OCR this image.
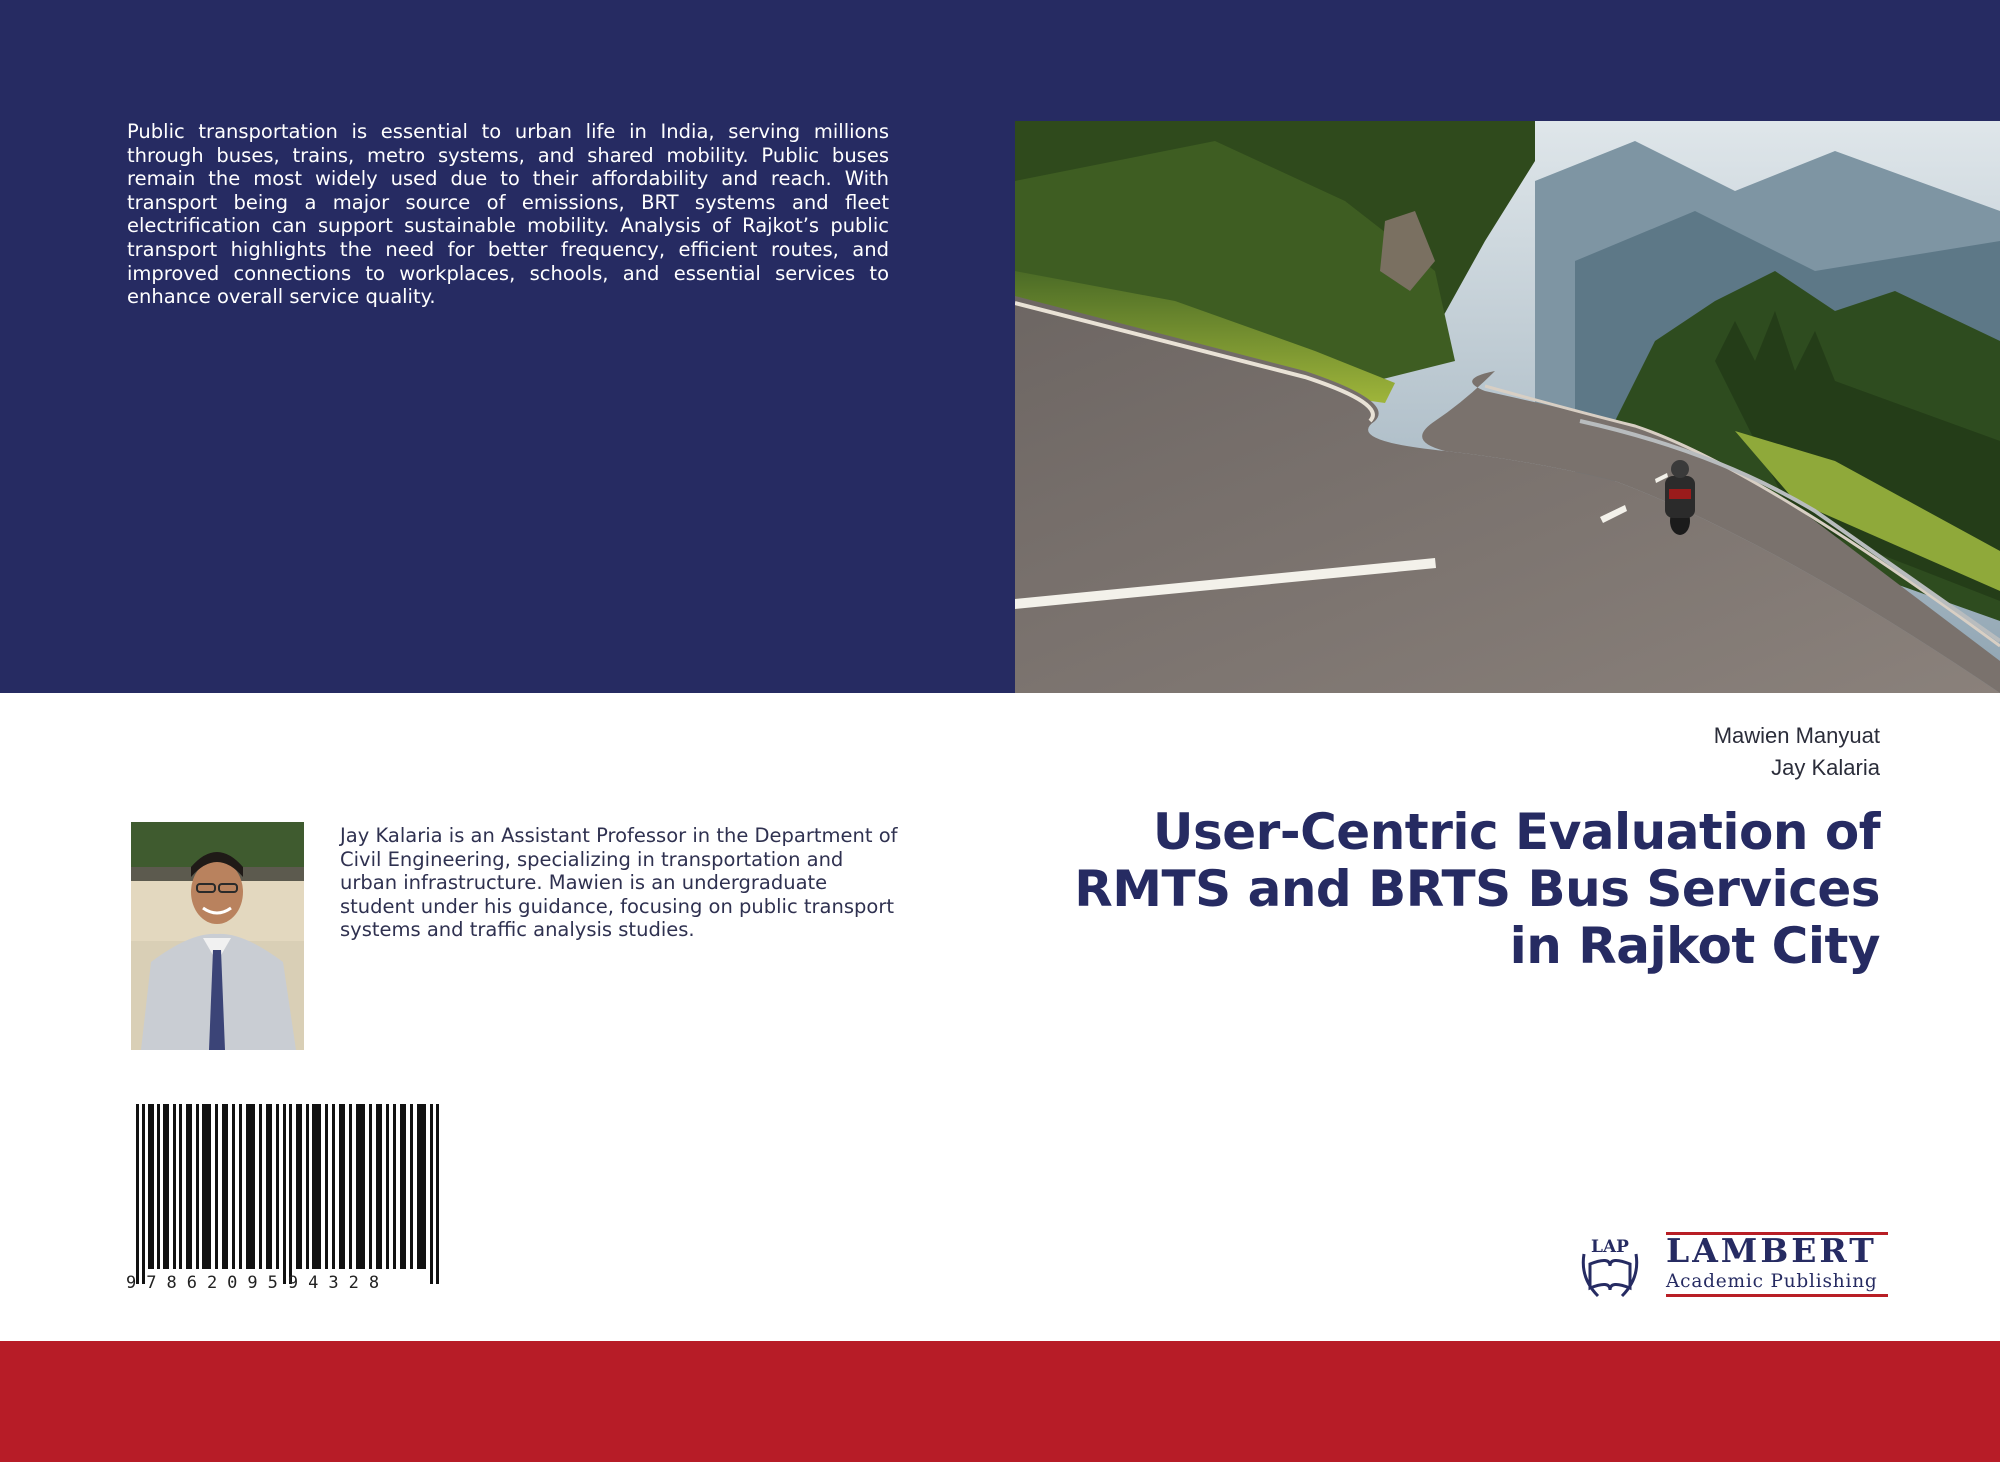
Public transportation is essential to urban life in India, serving millions through buses, trains, metro systems, and shared mobility. Public buses remain the most widely used due to their affordability and reach. With transport being a major source of emissions, BRT systems and fleet electrification can support sustainable mobility. Analysis of Rajkot’s public transport highlights the need for better frequency, efficient routes, and improved connections to workplaces, schools, and essential services to enhance overall service quality.

Mawien Manyuat
Jay Kalaria
User-Centric Evaluation of
RMTS and BRTS Bus Services
in Rajkot City

Jay Kalaria is an Assistant Professor in the Department of Civil Engineering, specializing in transportation and urban infrastructure. Mawien is an undergraduate student under his guidance, focusing on public transport systems and traffic analysis studies.

9786209594328
LAP LAMBERT
Academic Publishing
